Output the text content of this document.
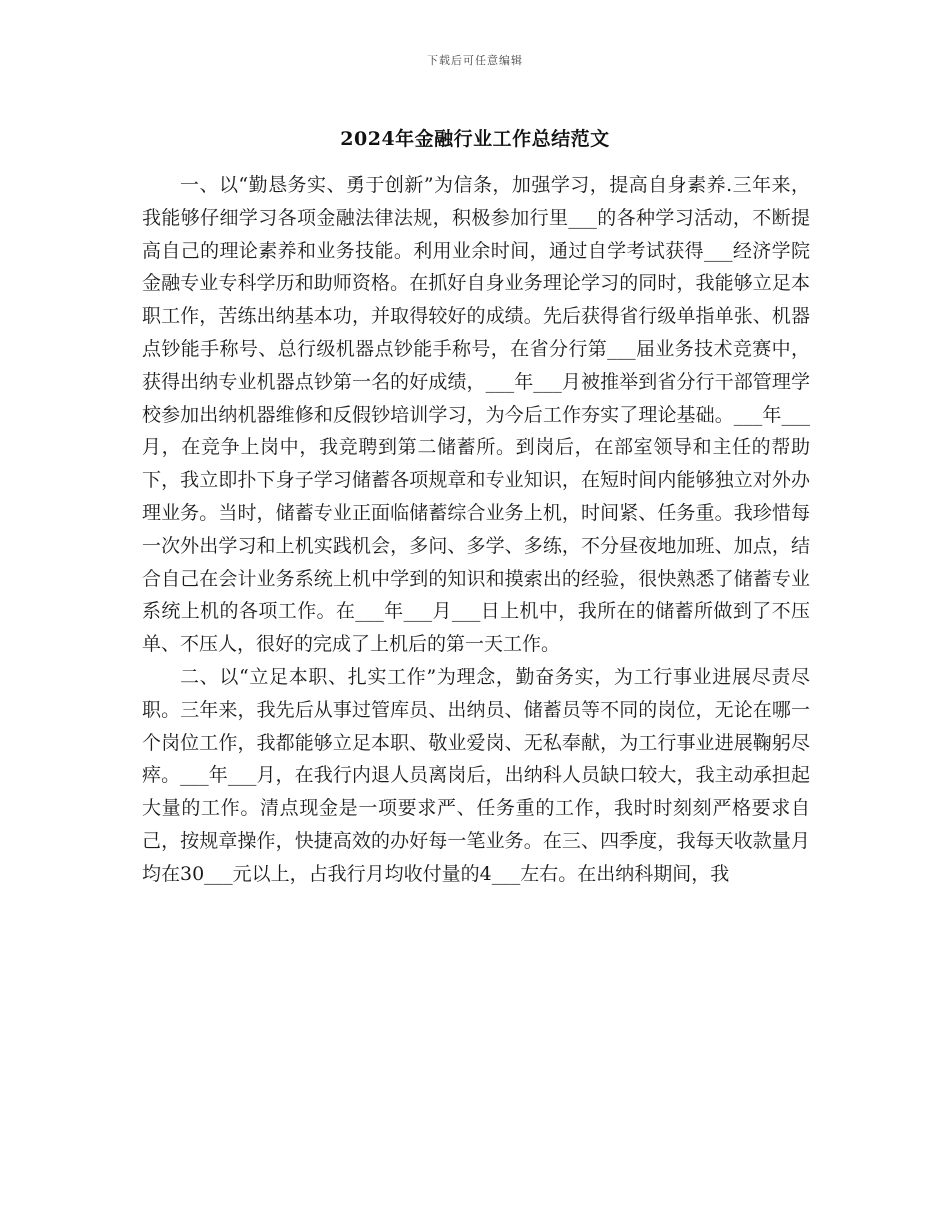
下载后可任意编辑
2024年金融行业工作总结范文

一、以“勤恳务实、勇于创新”为信条，加强学习，提高自身素养.三年来，我能够仔细学习各项金融法律法规，积极参加行里___的各种学习活动，不断提高自己的理论素养和业务技能。利用业余时间，通过自学考试获得___经济学院金融专业专科学历和助师资格。在抓好自身业务理论学习的同时，我能够立足本职工作，苦练出纳基本功，并取得较好的成绩。先后获得省行级单指单张、机器点钞能手称号、总行级机器点钞能手称号，在省分行第___届业务技术竞赛中，获得出纳专业机器点钞第一名的好成绩，___年___月被推举到省分行干部管理学校参加出纳机器维修和反假钞培训学习，为今后工作夯实了理论基础。___年___月，在竞争上岗中，我竞聘到第二储蓄所。到岗后，在部室领导和主任的帮助下，我立即扑下身子学习储蓄各项规章和专业知识，在短时间内能够独立对外办理业务。当时，储蓄专业正面临储蓄综合业务上机，时间紧、任务重。我珍惜每一次外出学习和上机实践机会，多问、多学、多练，不分昼夜地加班、加点，结合自己在会计业务系统上机中学到的知识和摸索出的经验，很快熟悉了储蓄专业系统上机的各项工作。在___年___月___日上机中，我所在的储蓄所做到了不压单、不压人，很好的完成了上机后的第一天工作。

二、以“立足本职、扎实工作”为理念，勤奋务实，为工行事业进展尽责尽职。三年来，我先后从事过管库员、出纳员、储蓄员等不同的岗位，无论在哪一个岗位工作，我都能够立足本职、敬业爱岗、无私奉献，为工行事业进展鞠躬尽瘁。___年___月，在我行内退人员离岗后，出纳科人员缺口较大，我主动承担起大量的工作。清点现金是一项要求严、任务重的工作，我时时刻刻严格要求自己，按规章操作，快捷高效的办好每一笔业务。在三、四季度，我每天收款量月均在30___元以上，占我行月均收付量的4___左右。在出纳科期间，我
